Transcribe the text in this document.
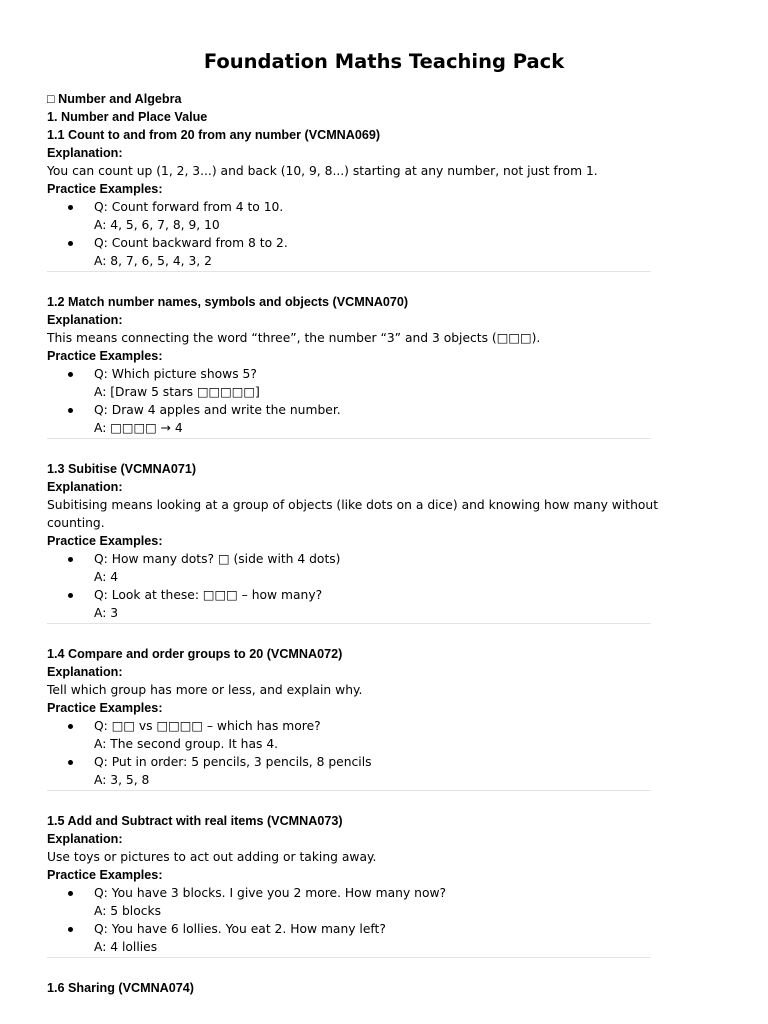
Foundation Maths Teaching Pack
□ Number and Algebra
1. Number and Place Value
1.1 Count to and from 20 from any number (VCMNA069)
Explanation:
You can count up (1, 2, 3...) and back (10, 9, 8...) starting at any number, not just from 1.
Practice Examples:
Q: Count forward from 4 to 10.
A: 4, 5, 6, 7, 8, 9, 10
Q: Count backward from 8 to 2.
A: 8, 7, 6, 5, 4, 3, 2
1.2 Match number names, symbols and objects (VCMNA070)
Explanation:
This means connecting the word “three”, the number “3” and 3 objects (□□□).
Practice Examples:
Q: Which picture shows 5?
A: [Draw 5 stars □□□□□]
Q: Draw 4 apples and write the number.
A: □□□□ → 4
1.3 Subitise (VCMNA071)
Explanation:
Subitising means looking at a group of objects (like dots on a dice) and knowing how many without counting.
Practice Examples:
Q: How many dots? □ (side with 4 dots)
A: 4
Q: Look at these: □□□ – how many?
A: 3
1.4 Compare and order groups to 20 (VCMNA072)
Explanation:
Tell which group has more or less, and explain why.
Practice Examples:
Q: □□ vs □□□□ – which has more?
A: The second group. It has 4.
Q: Put in order: 5 pencils, 3 pencils, 8 pencils
A: 3, 5, 8
1.5 Add and Subtract with real items (VCMNA073)
Explanation:
Use toys or pictures to act out adding or taking away.
Practice Examples:
Q: You have 3 blocks. I give you 2 more. How many now?
A: 5 blocks
Q: You have 6 lollies. You eat 2. How many left?
A: 4 lollies
1.6 Sharing (VCMNA074)
